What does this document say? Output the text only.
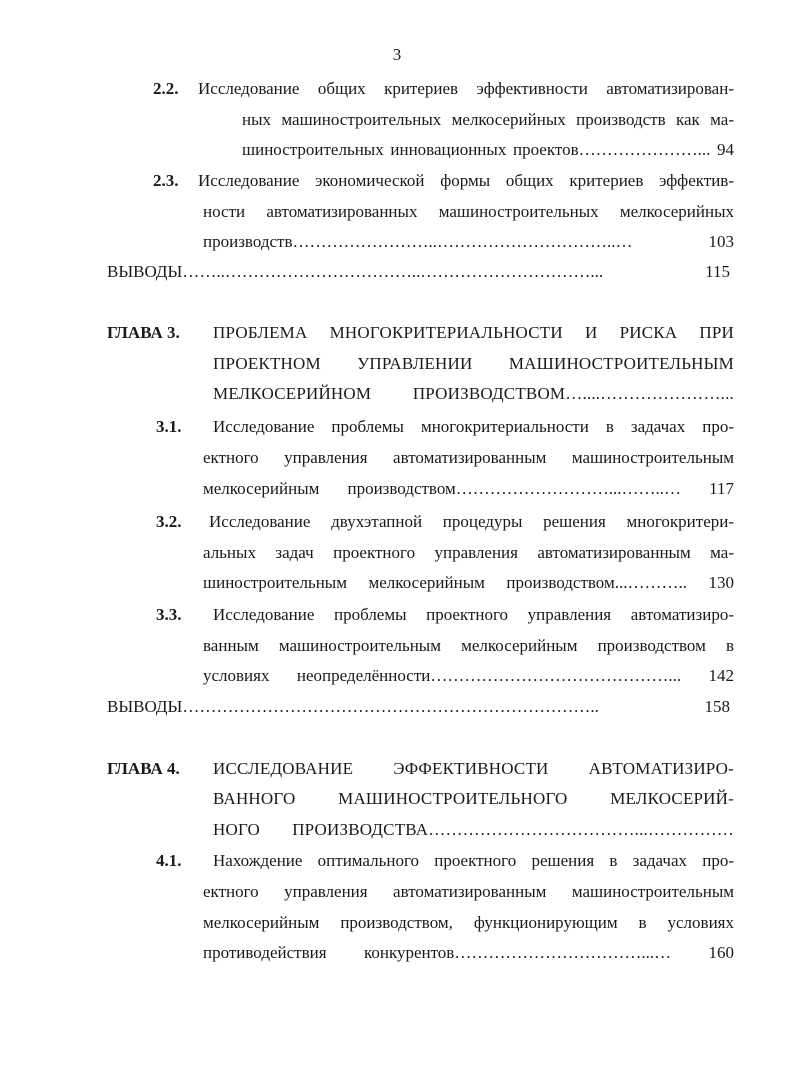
3
2.2. Исследование общих критериев эффективности автоматизирован-
ных машиностроительных мелкосерийных производств как ма-
шиностроительных инновационных проектов…………………... 94
2.3. Исследование экономической формы общих критериев эффектив-
ности автоматизированных машиностроительных мелкосерийных
производств……………………..…………………………..… 103
ВЫВОДЫ……..……………………………..…………………………... 115
ГЛАВА 3. ПРОБЛЕМА МНОГОКРИТЕРИАЛЬНОСТИ И РИСКА ПРИ
ПРОЕКТНОМ УПРАВЛЕНИИ МАШИНОСТРОИТЕЛЬНЫМ
МЕЛКОСЕРИЙНОМ ПРОИЗВОДСТВОМ…....…………………...
3.1. Исследование проблемы многокритериальности в задачах про-
ектного управления автоматизированным машиностроительным
мелкосерийным производством………………………...……..… 117
3.2. Исследование двухэтапной процедуры решения многокритери-
альных задач проектного управления автоматизированным ма-
шиностроительным мелкосерийным производством...……….. 130
3.3. Исследование проблемы проектного управления автоматизиро-
ванным машиностроительным мелкосерийным производством в
условиях неопределённости……………………………………... 142
ВЫВОДЫ……………………………………………………………….. 158
ГЛАВА 4. ИССЛЕДОВАНИЕ ЭФФЕКТИВНОСТИ АВТОМАТИЗИРО-
ВАННОГО МАШИНОСТРОИТЕЛЬНОГО МЕЛКОСЕРИЙ-
НОГО ПРОИЗВОДСТВА………………………………...……………
4.1. Нахождение оптимального проектного решения в задачах про-
ектного управления автоматизированным машиностроительным
мелкосерийным производством, функционирующим в условиях
противодействия конкурентов……………………………...… 160
